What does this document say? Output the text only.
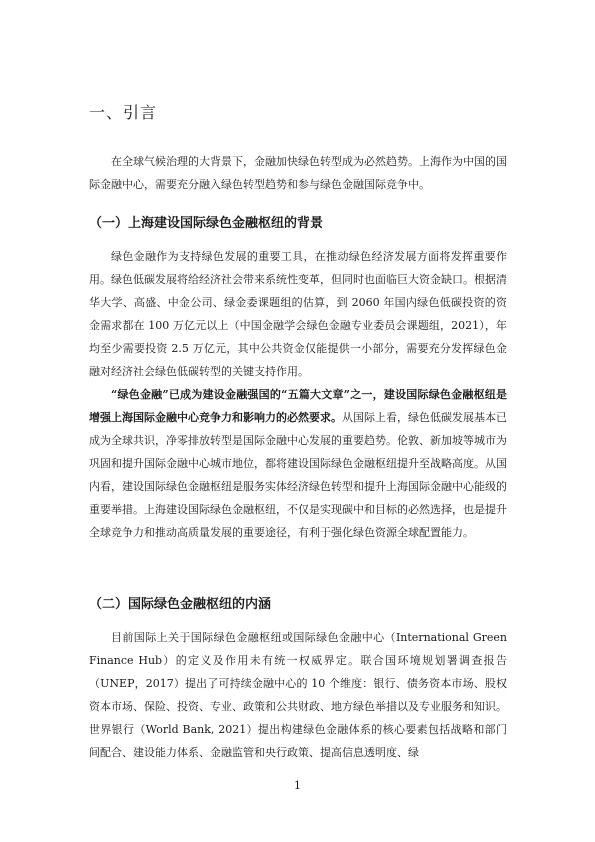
一、引言

在全球气候治理的大背景下，金融加快绿色转型成为必然趋势。上海作为中国的国际金融中心，需要充分融入绿色转型趋势和参与绿色金融国际竞争中。

（一）上海建设国际绿色金融枢纽的背景

绿色金融作为支持绿色发展的重要工具，在推动绿色经济发展方面将发挥重要作用。绿色低碳发展将给经济社会带来系统性变革，但同时也面临巨大资金缺口。根据清华大学、高盛、中金公司、绿金委课题组的估算，到 2060 年国内绿色低碳投资的资金需求都在 100 万亿元以上（中国金融学会绿色金融专业委员会课题组，2021），年均至少需要投资 2.5 万亿元，其中公共资金仅能提供一小部分，需要充分发挥绿色金融对经济社会绿色低碳转型的关键支持作用。

“绿色金融”已成为建设金融强国的“五篇大文章”之一，建设国际绿色金融枢纽是增强上海国际金融中心竞争力和影响力的必然要求。从国际上看，绿色低碳发展基本已成为全球共识，净零排放转型是国际金融中心发展的重要趋势。伦敦、新加坡等城市为巩固和提升国际金融中心城市地位，都将建设国际绿色金融枢纽提升至战略高度。从国内看，建设国际绿色金融枢纽是服务实体经济绿色转型和提升上海国际金融中心能级的重要举措。上海建设国际绿色金融枢纽，不仅是实现碳中和目标的必然选择，也是提升全球竞争力和推动高质量发展的重要途径，有利于强化绿色资源全球配置能力。

（二）国际绿色金融枢纽的内涵

目前国际上关于国际绿色金融枢纽或国际绿色金融中心（International Green Finance Hub）的定义及作用未有统一权威界定。联合国环境规划署调查报告（UNEP，2017）提出了可持续金融中心的 10 个维度：银行、债务资本市场、股权资本市场、保险、投资、专业、政策和公共财政、地方绿色举措以及专业服务和知识。世界银行（World Bank, 2021）提出构建绿色金融体系的核心要素包括战略和部门间配合、建设能力体系、金融监管和央行政策、提高信息透明度、绿

1
